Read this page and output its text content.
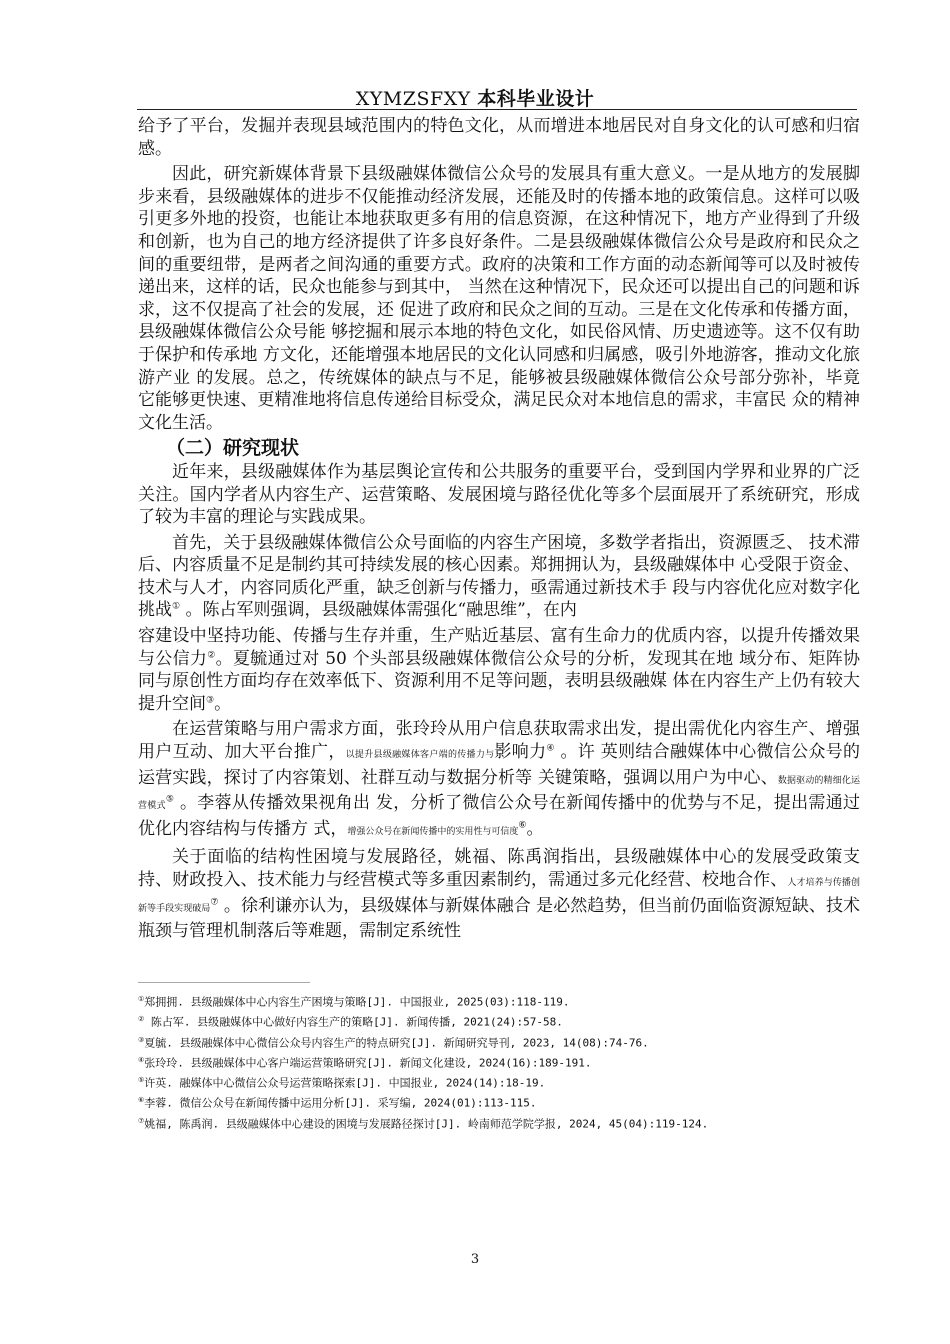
XYMZSFXY 本科毕业设计

给予了平台，发掘并表现县域范围内的特色文化，从而增进本地居民对自身文化的认可感和归宿感。

因此，研究新媒体背景下县级融媒体微信公众号的发展具有重大意义。一是从地方的发展脚步来看，县级融媒体的进步不仅能推动经济发展，还能及时的传播本地的政策信息。这样可以吸引更多外地的投资，也能让本地获取更多有用的信息资源，在这种情况下，地方产业得到了升级和创新，也为自己的地方经济提供了许多良好条件。二是县级融媒体微信公众号是政府和民众之间的重要纽带，是两者之间沟通的重要方式。政府的决策和工作方面的动态新闻等可以及时被传递出来，这样的话，民众也能参与到其中， 当然在这种情况下，民众还可以提出自己的问题和诉求，这不仅提高了社会的发展，还 促进了政府和民众之间的互动。三是在文化传承和传播方面，县级融媒体微信公众号能 够挖掘和展示本地的特色文化，如民俗风情、历史遗迹等。这不仅有助于保护和传承地 方文化，还能增强本地居民的文化认同感和归属感，吸引外地游客，推动文化旅游产业 的发展。总之，传统媒体的缺点与不足，能够被县级融媒体微信公众号部分弥补，毕竟 它能够更快速、更精准地将信息传递给目标受众，满足民众对本地信息的需求，丰富民 众的精神文化生活。

（二）研究现状

近年来，县级融媒体作为基层舆论宣传和公共服务的重要平台，受到国内学界和业界的广泛关注。国内学者从内容生产、运营策略、发展困境与路径优化等多个层面展开了系统研究，形成了较为丰富的理论与实践成果。

首先，关于县级融媒体微信公众号面临的内容生产困境，多数学者指出，资源匮乏、 技术滞后、内容质量不足是制约其可持续发展的核心因素。郑拥拥认为，县级融媒体中 心受限于资金、技术与人才，内容同质化严重，缺乏创新与传播力，亟需通过新技术手 段与内容优化应对数字化挑战① 。陈占军则强调，县级融媒体需强化“融思维”，在内

容建设中坚持功能、传播与生存并重，生产贴近基层、富有生命力的优质内容，以提升传播效果与公信力②。夏毓通过对 50 个头部县级融媒体微信公众号的分析，发现其在地 域分布、矩阵协同与原创性方面均存在效率低下、资源利用不足等问题，表明县级融媒 体在内容生产上仍有较大提升空间③。

在运营策略与用户需求方面，张玲玲从用户信息获取需求出发，提出需优化内容生产、增强用户互动、加大平台推广，以提升县级融媒体客户端的传播力与影响力④ 。许 英则结合融媒体中心微信公众号的运营实践，探讨了内容策划、社群互动与数据分析等 关键策略，强调以用户为中心、数据驱动的精细化运营模式⑤ 。李蓉从传播效果视角出 发，分析了微信公众号在新闻传播中的优势与不足，提出需通过优化内容结构与传播方 式，增强公众号在新闻传播中的实用性与可信度⑥。

关于面临的结构性困境与发展路径，姚福、陈禹润指出，县级融媒体中心的发展受政策支持、财政投入、技术能力与经营模式等多重因素制约，需通过多元化经营、校地合作、人才培养与传播创新等手段实现破局⑦ 。徐利谦亦认为，县级媒体与新媒体融合 是必然趋势，但当前仍面临资源短缺、技术瓶颈与管理机制落后等难题，需制定系统性

①郑拥拥. 县级融媒体中心内容生产困境与策略[J]. 中国报业, 2025(03):118-119.
② 陈占军. 县级融媒体中心做好内容生产的策略[J]. 新闻传播, 2021(24):57-58.
③夏毓. 县级融媒体中心微信公众号内容生产的特点研究[J]. 新闻研究导刊, 2023, 14(08):74-76.
④张玲玲. 县级融媒体中心客户端运营策略研究[J]. 新闻文化建设, 2024(16):189-191.
⑤许英. 融媒体中心微信公众号运营策略探索[J]. 中国报业, 2024(14):18-19.
⑥李蓉. 微信公众号在新闻传播中运用分析[J]. 采写编, 2024(01):113-115.
⑦姚福, 陈禹润. 县级融媒体中心建设的困境与发展路径探讨[J]. 岭南师范学院学报, 2024, 45(04):119-124.
3
